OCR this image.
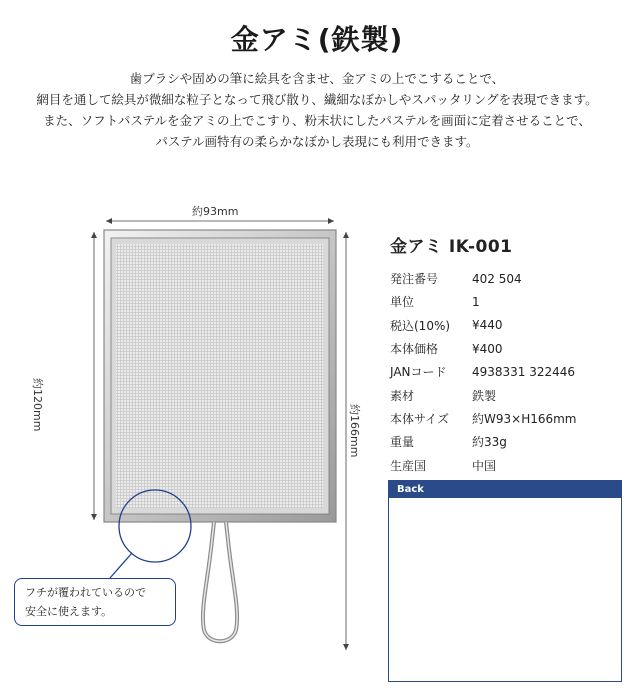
金アミ(鉄製)
歯ブラシや固めの筆に絵具を含ませ、金アミの上でこすることで、
網目を通して絵具が微細な粒子となって飛び散り、繊細なぼかしやスパッタリングを表現できます。
また、ソフトパステルを金アミの上でこすり、粉末状にしたパステルを画面に定着させることで、
パステル画特有の柔らかなぼかし表現にも利用できます。
約93mm
約120mm	約166mm
金アミ IK-001
発注番号	402 504
単位	1
税込(10%)	¥440
本体価格	¥400
JANコード	4938331 322446
素材	鉄製
本体サイズ	約W93×H166mm
重量	約33g
生産国	中国
Back
フチが覆われているので
安全に使えます。
